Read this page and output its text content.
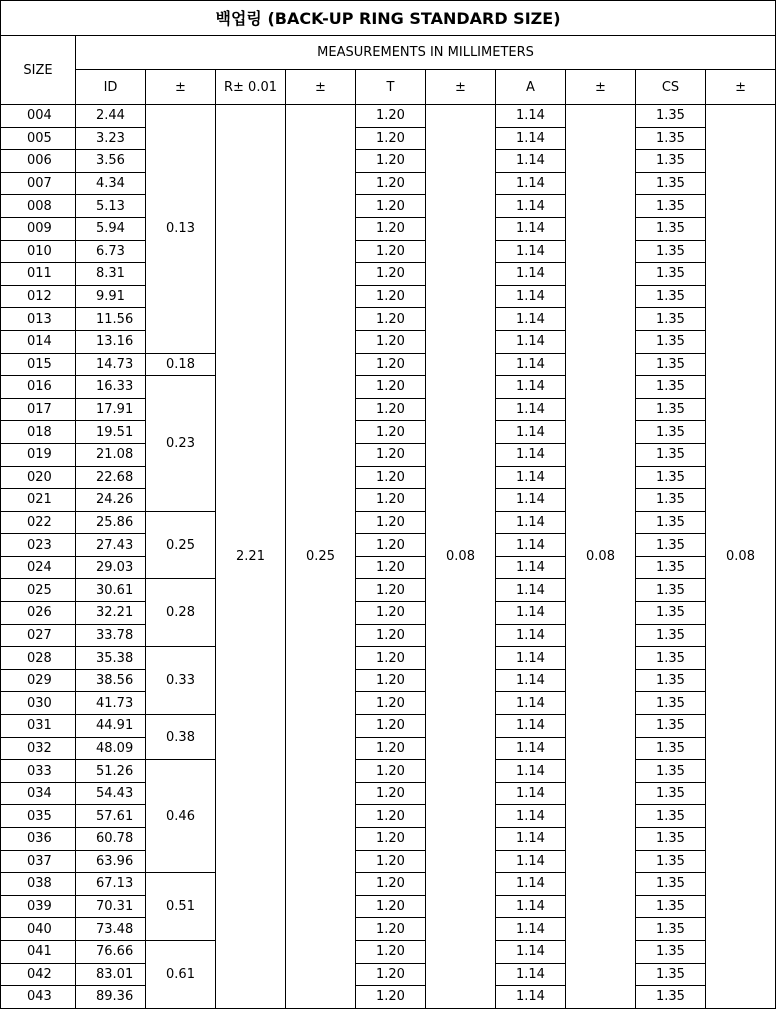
백업링 (BACK-UP RING STANDARD SIZE)										
SIZE	MEASUREMENTS IN MILLIMETERS									
	ID	±	R± 0.01	±	T	±	A	±	CS	±
004	2.44	0.13	2.21	0.25	1.20	0.08	1.14	0.08	1.35	0.08
005	3.23				1.20		1.14		1.35	
006	3.56				1.20		1.14		1.35	
007	4.34				1.20		1.14		1.35	
008	5.13				1.20		1.14		1.35	
009	5.94				1.20		1.14		1.35	
010	6.73				1.20		1.14		1.35	
011	8.31				1.20		1.14		1.35	
012	9.91				1.20		1.14		1.35	
013	11.56				1.20		1.14		1.35	
014	13.16				1.20		1.14		1.35	
015	14.73	0.18			1.20		1.14		1.35	
016	16.33	0.23			1.20		1.14		1.35	
017	17.91				1.20		1.14		1.35	
018	19.51				1.20		1.14		1.35	
019	21.08				1.20		1.14		1.35	
020	22.68				1.20		1.14		1.35	
021	24.26				1.20		1.14		1.35	
022	25.86	0.25			1.20		1.14		1.35	
023	27.43				1.20		1.14		1.35	
024	29.03				1.20		1.14		1.35	
025	30.61	0.28			1.20		1.14		1.35	
026	32.21				1.20		1.14		1.35	
027	33.78				1.20		1.14		1.35	
028	35.38	0.33			1.20		1.14		1.35	
029	38.56				1.20		1.14		1.35	
030	41.73				1.20		1.14		1.35	
031	44.91	0.38			1.20		1.14		1.35	
032	48.09				1.20		1.14		1.35	
033	51.26	0.46			1.20		1.14		1.35	
034	54.43				1.20		1.14		1.35	
035	57.61				1.20		1.14		1.35	
036	60.78				1.20		1.14		1.35	
037	63.96				1.20		1.14		1.35	
038	67.13	0.51			1.20		1.14		1.35	
039	70.31				1.20		1.14		1.35	
040	73.48				1.20		1.14		1.35	
041	76.66	0.61			1.20		1.14		1.35	
042	83.01				1.20		1.14		1.35	
043	89.36				1.20		1.14		1.35	
